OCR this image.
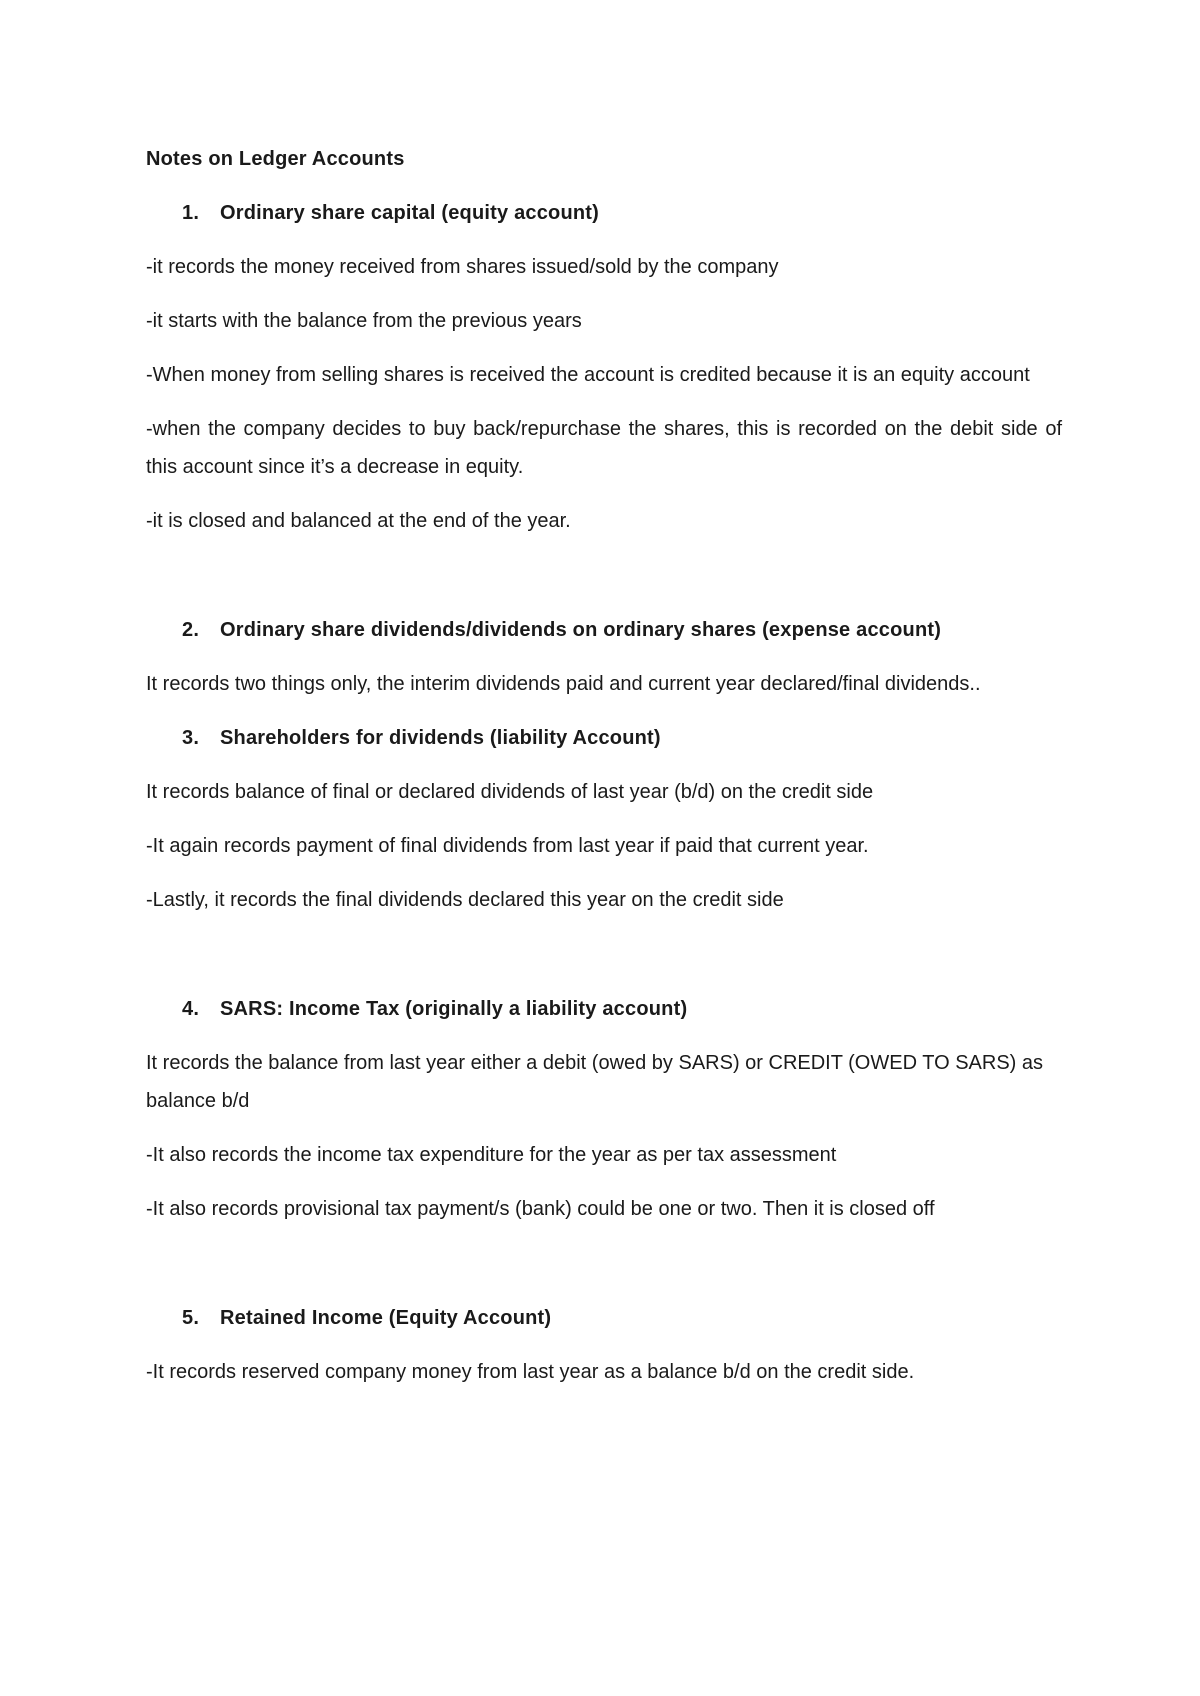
Notes on Ledger Accounts
1.	Ordinary share capital (equity account)
-it records the money received from shares issued/sold by the company
-it starts with the balance from the previous years
-When money from selling shares is received the account is credited because it is an equity account
-when the company decides to buy back/repurchase the shares, this is recorded on the debit side of this account since it’s a decrease in equity.
-it is closed and balanced at the end of the year.
2.	Ordinary share dividends/dividends on ordinary shares (expense account)
It records two things only, the interim dividends paid and current year declared/final dividends..
3.	Shareholders for dividends (liability Account)
It records balance of final or declared dividends of last year (b/d) on the credit side
-It again records payment of final dividends from last year if paid that current year.
-Lastly, it records the final dividends declared this year on the credit side
4.	SARS: Income Tax (originally a liability account)
It records the balance from last year either a debit (owed by SARS) or CREDIT (OWED TO SARS) as balance b/d
-It also records the income tax expenditure for the year as per tax assessment
-It also records provisional tax payment/s (bank) could be one or two. Then it is closed off
5.	Retained Income (Equity Account)
-It records reserved company money from last year as a balance b/d on the credit side.
